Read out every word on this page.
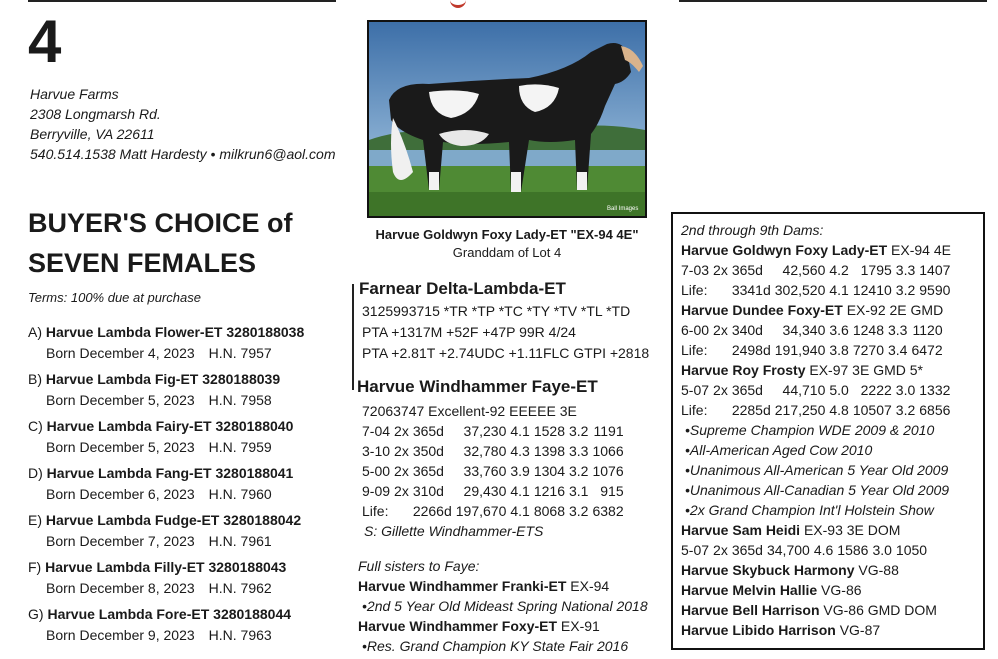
4
Harvue Farms
2308 Longmarsh Rd.
Berryville, VA 22611
540.514.1538 Matt Hardesty • milkrun6@aol.com
BUYER'S CHOICE of
SEVEN FEMALES
Terms: 100% due at purchase
A) Harvue Lambda Flower-ET 3280188038
Born December 4, 2023 H.N. 7957
B) Harvue Lambda Fig-ET 3280188039
Born December 5, 2023 H.N. 7958
C) Harvue Lambda Fairy-ET 3280188040
Born December 5, 2023 H.N. 7959
D) Harvue Lambda Fang-ET 3280188041
Born December 6, 2023 H.N. 7960
E) Harvue Lambda Fudge-ET 3280188042
Born December 7, 2023 H.N. 7961
F) Harvue Lambda Filly-ET 3280188043
Born December 8, 2023 H.N. 7962
G) Harvue Lambda Fore-ET 3280188044
Born December 9, 2023 H.N. 7963
Ball Images
Harvue Goldwyn Foxy Lady-ET "EX-94 4E"
Granddam of Lot 4
Farnear Delta-Lambda-ET
3125993715 *TR *TP *TC *TY *TV *TL *TD
PTA +1317M +52F +47P 99R 4/24
PTA +2.81T +2.74UDC +1.11FLC GTPI +2818
Harvue Windhammer Faye-ET
72063747 Excellent-92 EEEEE 3E
7-04	2x	365d	37,230	4.1	1528	3.2	1191
3-10	2x	350d	32,780	4.3	1398	3.3	1066
5-00	2x	365d	33,760	3.9	1304	3.2	1076
9-09	2x	310d	29,430	4.1	1216	3.1	915
Life:		2266d	197,670	4.1	8068	3.2	6382
S: Gillette Windhammer-ETS
Full sisters to Faye:
Harvue Windhammer Franki-ET EX-94
•2nd 5 Year Old Mideast Spring National 2018
Harvue Windhammer Foxy-ET EX-91
•Res. Grand Champion KY State Fair 2016
2nd through 9th Dams:
Harvue Goldwyn Foxy Lady-ET EX-94 4E
7-03	2x	365d	42,560	4.2	1795	3.3	1407
Life:		3341d	302,520	4.1	12410	3.2	9590
Harvue Dundee Foxy-ET EX-92 2E GMD
6-00	2x	340d	34,340	3.6	1248	3.3	1120
Life:		2498d	191,940	3.8	7270	3.4	6472
Harvue Roy Frosty EX-97 3E GMD 5*
5-07	2x	365d	44,710	5.0	2222	3.0	1332
Life:		2285d	217,250	4.8	10507	3.2	6856
•Supreme Champion WDE 2009 & 2010
•All-American Aged Cow 2010
•Unanimous All-American 5 Year Old 2009
•Unanimous All-Canadian 5 Year Old 2009
•2x Grand Champion Int'l Holstein Show
Harvue Sam Heidi EX-93 3E DOM
5-07	2x	365d	34,700	4.6	1586	3.0	1050
Harvue Skybuck Harmony VG-88
Harvue Melvin Hallie VG-86
Harvue Bell Harrison VG-86 GMD DOM
Harvue Libido Harrison VG-87
